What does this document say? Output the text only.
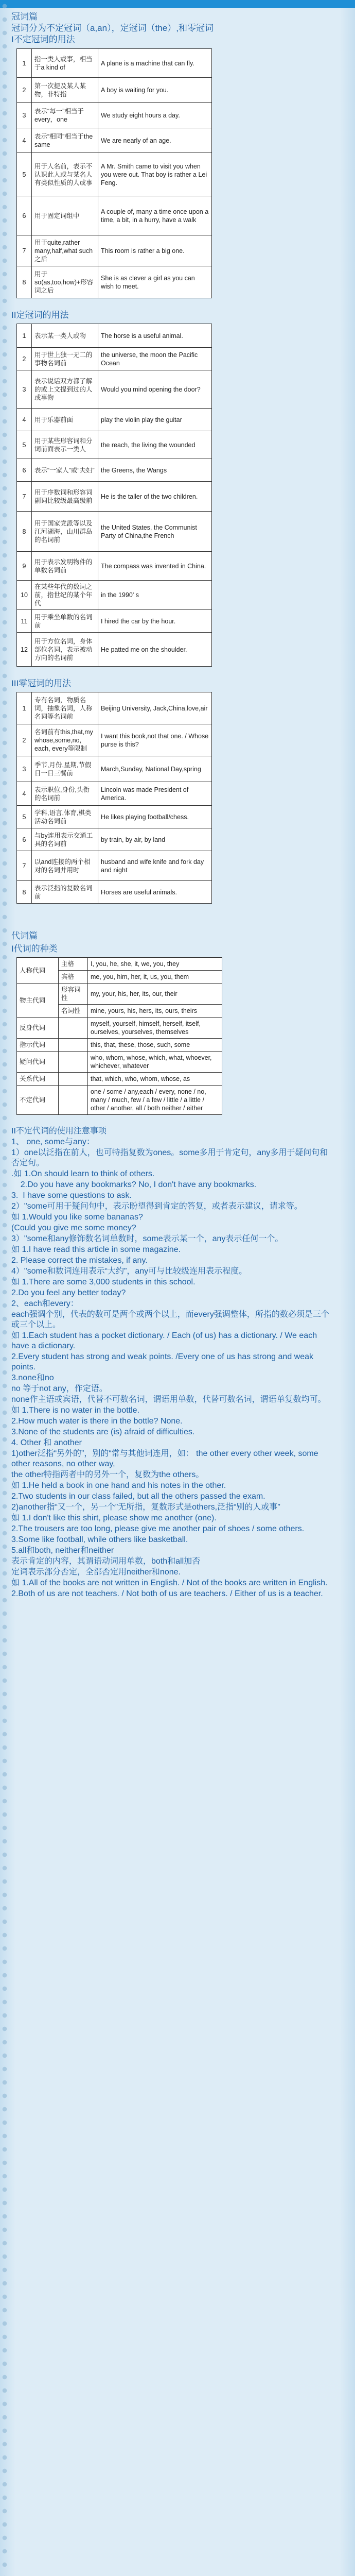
冠词篇
冠词分为不定冠词（a,an），定冠词（the）,和零冠词
I不定冠词的用法
1	指一类人或事，相当于a kind of	A plane is a machine that can fly.
2	第一次提及某人某物，非特指	A boy is waiting for you.
3	表示“每一”相当于every，one	We study eight hours a day.
4	表示“相同”相当于the same	We are nearly of an age.
5	用于人名前，表示不认识此人或与某名人有类似性质的人或事	A Mr. Smith came to visit you when you were out. That boy is rather a Lei Feng.
6	用于固定词组中	A couple of, many a time once upon a time, a bit, in a hurry, have a walk
7	用于quite,rather many,half,what such之后	This room is rather a big one.
8	用于so(as,too,how)+形容词之后	She is as clever a girl as you can wish to meet.
II定冠词的用法
1	表示某一类人或物	The horse is a useful animal.
2	用于世上独一无二的事物名词前	the universe, the moon the Pacific Ocean
3	表示说话双方都了解的或上文提到过的人或事物	Would you mind opening the door?
4	用于乐器前面	play the violin play the guitar
5	用于某些形容词和分词前面表示一类人	the reach, the living the wounded
6	表示“一家人”或“夫妇”	the Greens, the Wangs
7	用于序数词和形容词副词比较级最高级前	He is the taller of the two children.
8	用于国家党派等以及江河湖海，山川群岛的名词前	the United States, the Communist Party of China,the French
9	用于表示发明物件的单数名词前	The compass was invented in China.
10	在某些年代的数词之前，指世纪的某个年代	in the 1990' s
11	用于乘坐单数的名词前	I hired the car by the hour.
12	用于方位名词，身体部位名词，表示被动方向的名词前	He patted me on the shoulder.
III零冠词的用法
1	专有名词，物质名词，抽象名词，人称名词等名词前	Beijing University, Jack,China,love,air
2	名词前有this,that,my whose,some,no, each, every等限制	I want this book,not that one. / Whose purse is this?
3	季节,月份,星期,节假日一日三餐前	March,Sunday, National Day,spring
4	表示职位,身份,头衔的名词前	Lincoln was made President of America.
5	学科,语言,体育,棋类活动名词前	He likes playing football/chess.
6	与by连用表示交通工具的名词前	by train, by air, by land
7	以and连接的两个相对的名词并用时	husband and wife knife and fork day and night
8	表示泛指的复数名词前	Horses are useful animals.
代词篇
I代词的种类
人称代词	主格	I, you, he, she, it, we, you, they
	宾格	me, you, him, her, it, us, you, them
物主代词	形容词性	my, your, his, her, its, our, their
	名词性	mine, yours, his, hers, its, ours, theirs
反身代词		myself, yourself, himself, herself, itself, ourselves, yourselves, themselves
指示代词		this, that, these, those, such, some
疑问代词		who, whom, whose, which, what, whoever, whichever, whatever
关系代词		that, which, who, whom, whose, as
不定代词		one / some / any,each / every, none / no, many / much, few / a few / little / a little / other / another, all / both neither / either
II不定代词的使用注意事项
1、 one, some与any：
1）one以泛指在前人，也可特指复数为ones。some多用于肯定句，any多用于疑问句和否定句。
.如 1.On should learn to think of others.
2.Do you have any bookmarks? No, I don't have any bookmarks.
3.  I have some questions to ask.
2）"some可用于疑问句中，表示盼望得到肯定的答复，或者表示建议，请求等。
如 1.Would you like some bananas?
(Could you give me some money?
3）"some和any修饰数名词单数时，some表示某一个，any表示任何一个。
如 1.I have read this article in some magazine.
2. Please correct the mistakes, if any.
4）"some和数词连用表示“大约”，any可与比较级连用表示程度。
如 1.There are some 3,000 students in this school.
2.Do you feel any better today?
2、each和every：
each强调个别，代表的数可是两个或两个以上，而every强调整体，所指的数必须是三个或三个以上。
如 1.Each student has a pocket dictionary. / Each (of us) has a dictionary. / We each have a dictionary.
2.Every student has strong and weak points. /Every one of us has strong and weak points.
3.none和no
no 等于not any，作定语。
none作主语或宾语，代替不可数名词，谓语用单数，代替可数名词，谓语单复数均可。
如 1.There is no water in the bottle.
2.How much water is there in the bottle? None.
3.None of the students are (is) afraid of difficulties.
4. Other 和 another
1)other泛指“另外的”，别的“常与其他词连用，如： the other every other week, some other reasons, no other way,
the other特指两者中的另外一个，复数为the others。
如 1.He held a book in one hand and his notes in the other.
2.Two students in our class failed, but all the others passed the exam.
2)another指“又一个，另一个”无所指，复数形式是others,泛指“别的人或事”
如 1.I don't like this shirt, please show me another (one).
2.The trousers are too long, please give me another pair of shoes / some others.
3.Some like football, while others like basketball.
5.all和both, neither和neither
表示肯定的内容，其谓语动词用单数，both和all加否
定词表示部分否定，全部否定用neither和none.
如 1.All of the books are not written in English. / Not of the books are written in English.
2.Both of us are not teachers. / Not both of us are teachers. / Either of us is a teacher.
